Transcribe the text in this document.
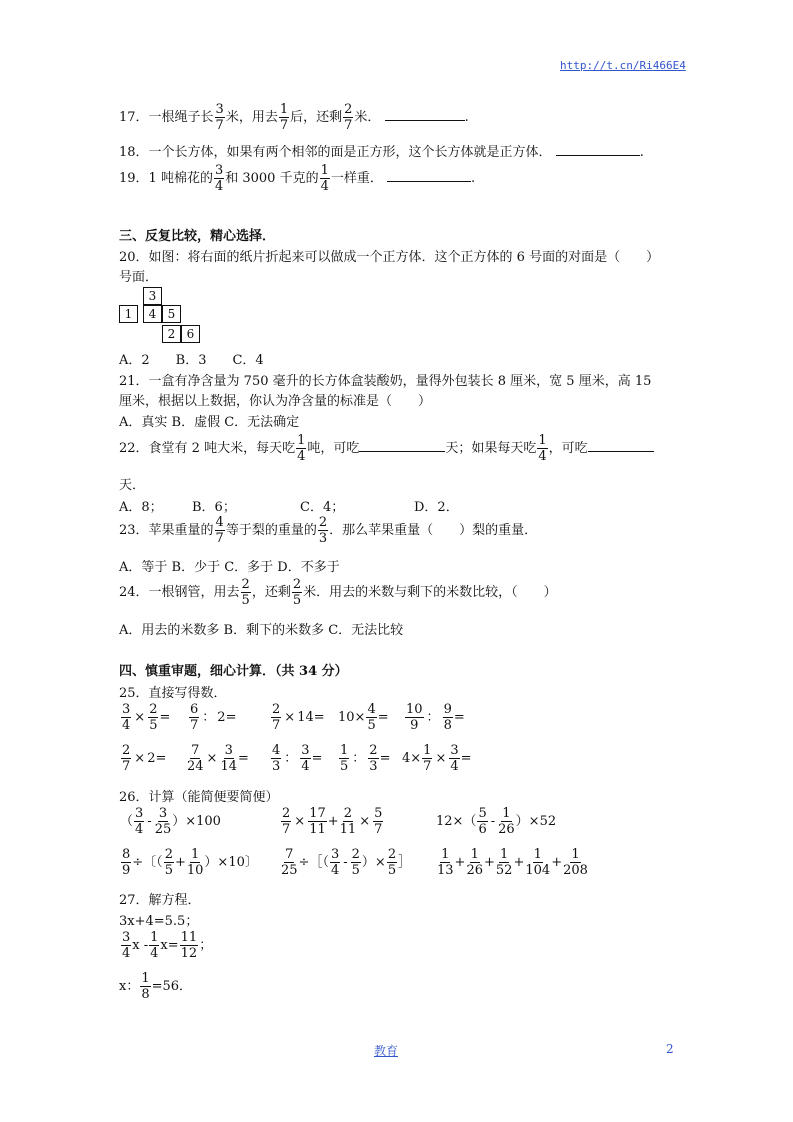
http://t.cn/Ri466E4
17．一根绳子长 $\frac{3}{7}$ 米，用去 $\frac{1}{7}$ 后，还剩 $\frac{2}{7}$ 米．	.
18．一个长方体，如果有两个相邻的面是正方形，这个长方体就是正方体．	.
19．1 吨棉花的 $\frac{3}{4}$ 和 3000 千克的 $\frac{1}{4}$ 一样重．	.
三、反复比较，精心选择．
20．如图：将右面的纸片折起来可以做成一个正方体．这个正方体的 6 号面的对面是（　　）
号面．
3
1	4 5
2 6
A．2　　B．3　　C．4
21．一盒有净含量为 750 毫升的长方体盒装酸奶，量得外包装长 8 厘米，宽 5 厘米，高 15
厘米，根据以上数据，你认为净含量的标准是（　　）
A．真实 B．虚假 C．无法确定
22．食堂有 2 吨大米，每天吃 $\frac{1}{4}$ 吨，可吃	天；如果每天吃 $\frac{1}{4}$ ，可吃
天．
A．8； B．6；	C．4；	D．2．
23．苹果重量的 $\frac{4}{7}$ 等于梨的重量的 $\frac{2}{3}$ ．那么苹果重量（　　）梨的重量．
A．等于 B．少于 C．多于 D．不多于
24．一根钢管，用去 $\frac{2}{5}$ ，还剩 $\frac{2}{5}$ 米．用去的米数与剩下的米数比较，（　　）
A．用去的米数多 B．剩下的米数多 C．无法比较
四、慎重审题，细心计算．（共 34 分）
25．直接写得数．
$\frac{3}{4} \times \frac{2}{5} = \frac{6}{7}$ ： 2=	$\frac{2}{7} \times 14= 10\times \frac{4}{5} = \frac{10}{9}$ ： $\frac{9}{8}$ =
$\frac{2}{7} \times 2= \frac{7}{24} \times \frac{3}{14} = \frac{4}{3}$ ： $\frac{3}{4} = \frac{1}{5}$ ： $\frac{2}{3} = 4\times \frac{1}{7} \times \frac{3}{4}$ =
26．计算（能简便要简便）
（ $\frac{3}{4} - \frac{3}{25} )\times 100$	$\frac{2}{7} \times \frac{17}{11} + \frac{2}{11} \times \frac{5}{7}$	$12\times( \frac{5}{6} - \frac{1}{26} )\times 52$
$\frac{8}{9}$ ÷〔（ $\frac{2}{5} + \frac{1}{10} )\times 10$〕 $\frac{7}{25}$ ÷［（ $\frac{3}{4} - \frac{2}{5}$ ）× $\frac{2}{5}$ ］ $\frac{1}{13} + \frac{1}{26} + \frac{1}{52} + \frac{1}{104} + \frac{1}{208}$
27．解方程．
3x+4=5.5；
$\frac{3}{4}$ $x - \frac{1}{4} x= \frac{11}{12}$ ；
x： $\frac{1}{8} =56$．
教育	2
